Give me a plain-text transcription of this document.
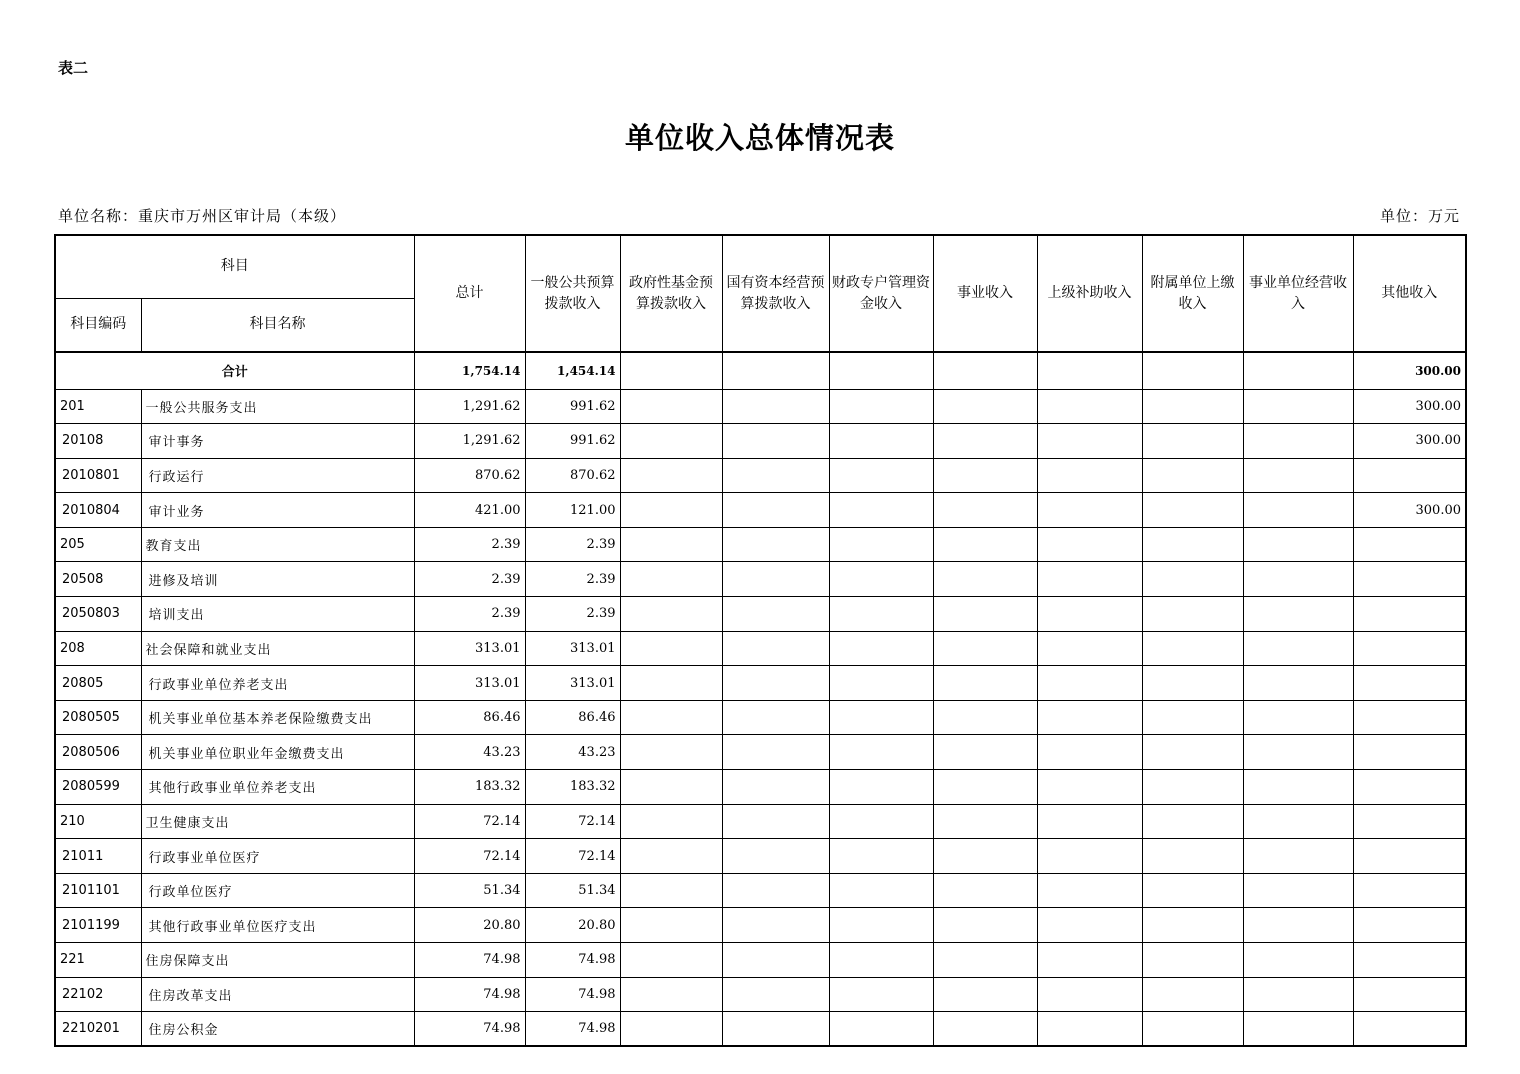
表二
单位收入总体情况表
单位名称：重庆市万州区审计局（本级）	单位：万元
科目		总计	一般公共预算拨款收入	政府性基金预算拨款收入	国有资本经营预算拨款收入	财政专户管理资金收入	事业收入	上级补助收入	附属单位上缴收入	事业单位经营收入	其他收入
科目编码	科目名称										
合计		1,754.14	1,454.14								300.00
201	一般公共服务支出	1,291.62	991.62								300.00
20108	审计事务	1,291.62	991.62								300.00
2010801	行政运行	870.62	870.62								
2010804	审计业务	421.00	121.00								300.00
205	教育支出	2.39	2.39								
20508	进修及培训	2.39	2.39								
2050803	培训支出	2.39	2.39								
208	社会保障和就业支出	313.01	313.01								
20805	行政事业单位养老支出	313.01	313.01								
2080505	机关事业单位基本养老保险缴费支出	86.46	86.46								
2080506	机关事业单位职业年金缴费支出	43.23	43.23								
2080599	其他行政事业单位养老支出	183.32	183.32								
210	卫生健康支出	72.14	72.14								
21011	行政事业单位医疗	72.14	72.14								
2101101	行政单位医疗	51.34	51.34								
2101199	其他行政事业单位医疗支出	20.80	20.80								
221	住房保障支出	74.98	74.98								
22102	住房改革支出	74.98	74.98								
2210201	住房公积金	74.98	74.98								
